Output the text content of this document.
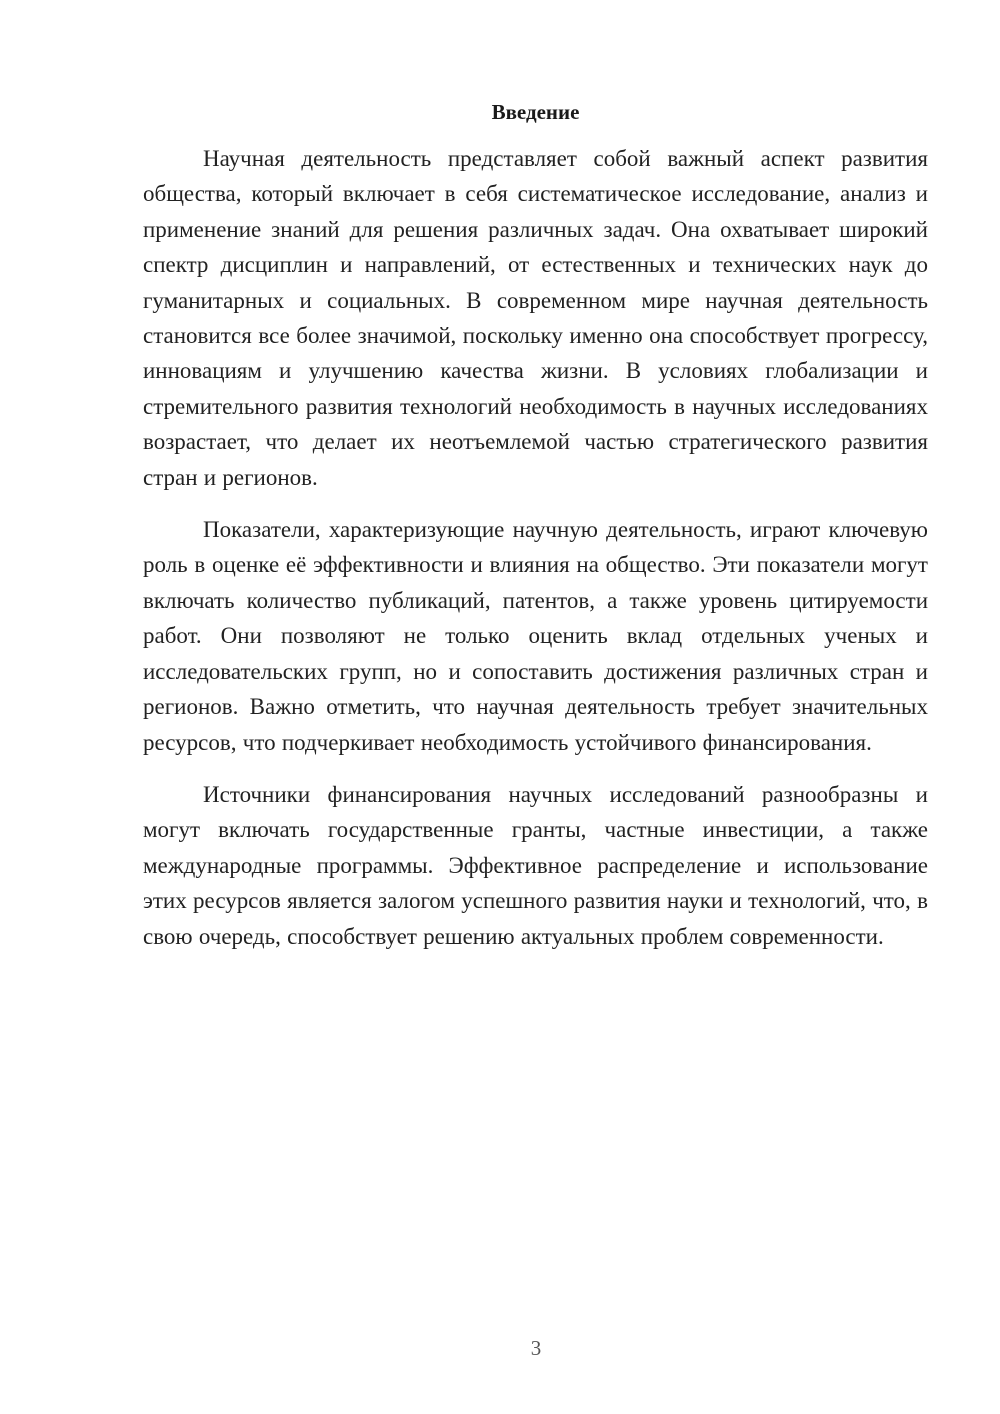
Введение

Научная деятельность представляет собой важный аспект развития общества, который включает в себя систематическое исследование, анализ и применение знаний для решения различных задач. Она охватывает широкий спектр дисциплин и направлений, от естественных и технических наук до гуманитарных и социальных. В современном мире научная деятельность становится все более значимой, поскольку именно она способствует прогрессу, инновациям и улучшению качества жизни. В условиях глобализации и стремительного развития технологий необходимость в научных исследованиях возрастает, что делает их неотъемлемой частью стратегического развития стран и регионов.

Показатели, характеризующие научную деятельность, играют ключевую роль в оценке её эффективности и влияния на общество. Эти показатели могут включать количество публикаций, патентов, а также уровень цитируемости работ. Они позволяют не только оценить вклад отдельных ученых и исследовательских групп, но и сопоставить достижения различных стран и регионов. Важно отметить, что научная деятельность требует значительных ресурсов, что подчеркивает необходимость устойчивого финансирования.

Источники финансирования научных исследований разнообразны и могут включать государственные гранты, частные инвестиции, а также международные программы. Эффективное распределение и использование этих ресурсов является залогом успешного развития науки и технологий, что, в свою очередь, способствует решению актуальных проблем современности.

3
